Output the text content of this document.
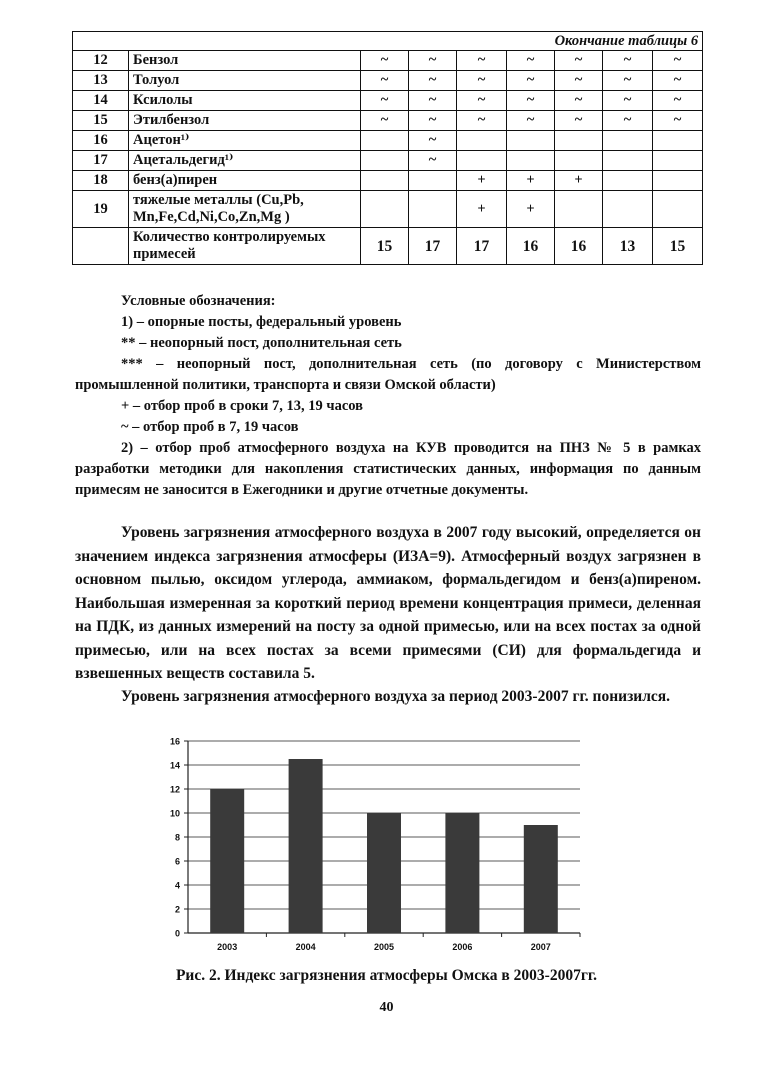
Окончание таблицы 6								
12	Бензол	~	~	~	~	~	~	~
13	Толуол	~	~	~	~	~	~	~
14	Ксилолы	~	~	~	~	~	~	~
15	Этилбензол	~	~	~	~	~	~	~
16	Ацетон¹⁾		~					
17	Ацетальдегид¹⁾		~					
18	бенз(а)пирен			+	+	+		
19	тяжелые металлы (Cu,Pb, Mn,Fe,Cd,Ni,Co,Zn,Mg )			+	+			
	Количество контролируемых примесей	15	17	17	16	16	13	15
Условные обозначения:
1) – опорные посты, федеральный уровень
** – неопорный пост, дополнительная сеть
*** – неопорный пост, дополнительная сеть (по договору с Министерством промышленной политики, транспорта и связи Омской области)
+ – отбор проб в сроки 7, 13, 19 часов
~ – отбор проб в 7, 19 часов
2) – отбор проб атмосферного воздуха на КУВ проводится на ПНЗ № 5 в рамках разработки методики для накопления статистических данных, информация по данным примесям не заносится в Ежегодники и другие отчетные документы.
Уровень загрязнения атмосферного воздуха в 2007 году высокий, определяется он значением индекса загрязнения атмосферы (ИЗА=9). Атмосферный воздух загрязнен в основном пылью, оксидом углерода, аммиаком, формальдегидом и бенз(а)пиреном. Наибольшая измеренная за короткий период времени концентрация примеси, деленная на ПДК, из данных измерений на посту за одной примесью, или на всех постах за одной примесью, или на всех постах за всеми примесями (СИ) для формальдегида и взвешенных веществ составила 5.
Уровень загрязнения атмосферного воздуха за период 2003-2007 гг. понизился.
0
2
4
6
8
10
12
14
16
2003	2004	2005	2006	2007
Рис. 2. Индекс загрязнения атмосферы Омска в 2003-2007гг.
40
